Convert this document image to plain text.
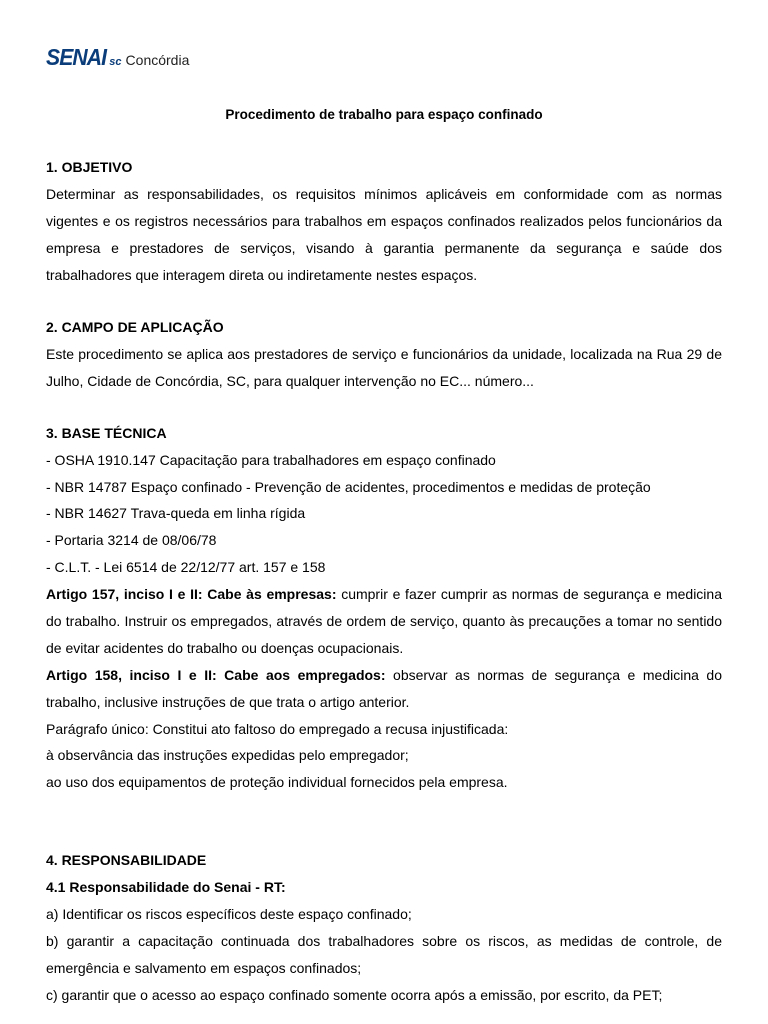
SENAI sc Concórdia
Procedimento de trabalho para espaço confinado
1. OBJETIVO
Determinar as responsabilidades, os requisitos mínimos aplicáveis em conformidade com as normas vigentes e os registros necessários para trabalhos em espaços confinados realizados pelos funcionários da empresa e prestadores de serviços, visando à garantia permanente da segurança e saúde dos trabalhadores que interagem direta ou indiretamente nestes espaços.
2. CAMPO DE APLICAÇÃO
Este procedimento se aplica aos prestadores de serviço e funcionários da unidade, localizada na Rua 29 de Julho, Cidade de Concórdia, SC, para qualquer intervenção no EC... número...
3. BASE TÉCNICA
- OSHA 1910.147 Capacitação para trabalhadores em espaço confinado
- NBR 14787 Espaço confinado - Prevenção de acidentes, procedimentos e medidas de proteção
- NBR 14627 Trava-queda em linha rígida
- Portaria 3214 de 08/06/78
- C.L.T. - Lei 6514 de 22/12/77 art. 157 e 158
Artigo 157, inciso I e II: Cabe às empresas: cumprir e fazer cumprir as normas de segurança e medicina do trabalho. Instruir os empregados, através de ordem de serviço, quanto às precauções a tomar no sentido de evitar acidentes do trabalho ou doenças ocupacionais.
Artigo 158, inciso I e II: Cabe aos empregados: observar as normas de segurança e medicina do trabalho, inclusive instruções de que trata o artigo anterior.
Parágrafo único: Constitui ato faltoso do empregado a recusa injustificada:
à observância das instruções expedidas pelo empregador;
ao uso dos equipamentos de proteção individual fornecidos pela empresa.
4. RESPONSABILIDADE
4.1 Responsabilidade do Senai - RT:
a) Identificar os riscos específicos deste espaço confinado;
b) garantir a capacitação continuada dos trabalhadores sobre os riscos, as medidas de controle, de emergência e salvamento em espaços confinados;
c) garantir que o acesso ao espaço confinado somente ocorra após a emissão, por escrito, da PET;
